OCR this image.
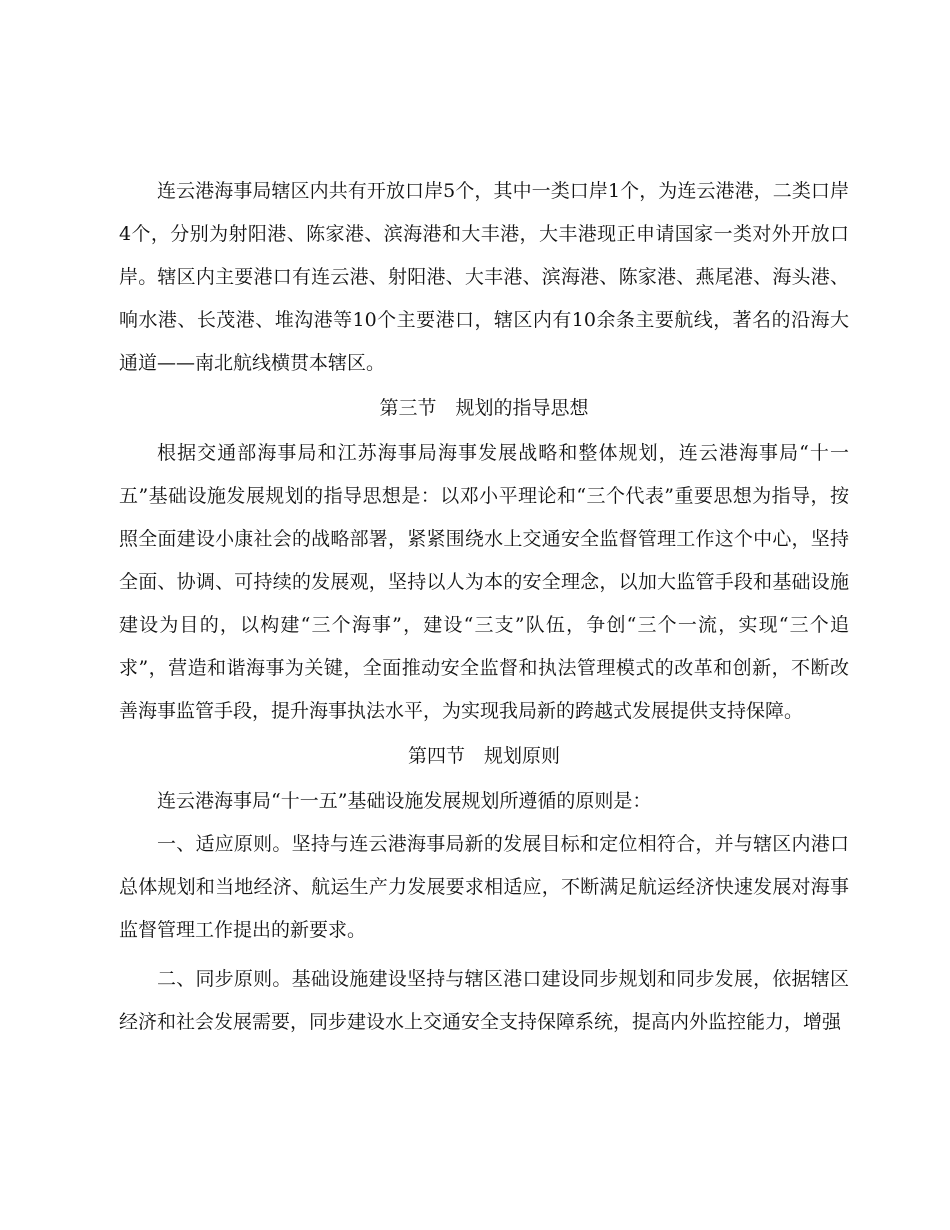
连云港海事局辖区内共有开放口岸5个，其中一类口岸1个，为连云港港，二类口岸4个，分别为射阳港、陈家港、滨海港和大丰港，大丰港现正申请国家一类对外开放口岸。辖区内主要港口有连云港、射阳港、大丰港、滨海港、陈家港、燕尾港、海头港、响水港、长茂港、堆沟港等10个主要港口，辖区内有10余条主要航线，著名的沿海大通道——南北航线横贯本辖区。

第三节　规划的指导思想

根据交通部海事局和江苏海事局海事发展战略和整体规划，连云港海事局“十一五”基础设施发展规划的指导思想是：以邓小平理论和“三个代表”重要思想为指导，按照全面建设小康社会的战略部署，紧紧围绕水上交通安全监督管理工作这个中心，坚持全面、协调、可持续的发展观，坚持以人为本的安全理念，以加大监管手段和基础设施建设为目的，以构建“三个海事”，建设“三支”队伍，争创“三个一流，实现“三个追求”，营造和谐海事为关键，全面推动安全监督和执法管理模式的改革和创新，不断改善海事监管手段，提升海事执法水平，为实现我局新的跨越式发展提供支持保障。

第四节　规划原则

连云港海事局“十一五”基础设施发展规划所遵循的原则是：

一、适应原则。坚持与连云港海事局新的发展目标和定位相符合，并与辖区内港口总体规划和当地经济、航运生产力发展要求相适应，不断满足航运经济快速发展对海事监督管理工作提出的新要求。

二、同步原则。基础设施建设坚持与辖区港口建设同步规划和同步发展，依据辖区经济和社会发展需要，同步建设水上交通安全支持保障系统，提高内外监控能力，增强
